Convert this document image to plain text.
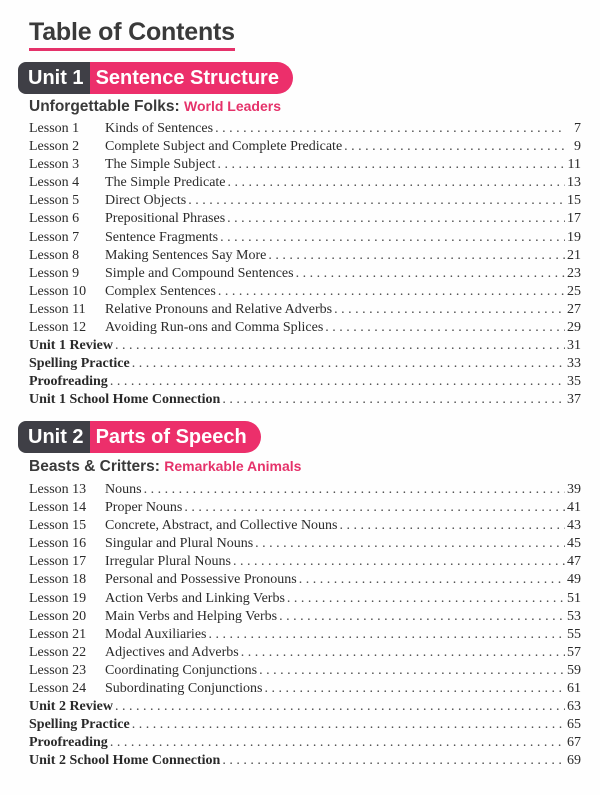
Table of Contents
Unit 1 Sentence Structure
Unforgettable Folks: World Leaders
Lesson 1	Kinds of Sentences . . .	7
Lesson 2	Complete Subject and Complete Predicate . . .	9
Lesson 3	The Simple Subject . . .	11
Lesson 4	The Simple Predicate . . .	13
Lesson 5	Direct Objects . . .	15
Lesson 6	Prepositional Phrases . . .	17
Lesson 7	Sentence Fragments . . .	19
Lesson 8	Making Sentences Say More . . .	21
Lesson 9	Simple and Compound Sentences . . .	23
Lesson 10	Complex Sentences . . .	25
Lesson 11	Relative Pronouns and Relative Adverbs . . .	27
Lesson 12	Avoiding Run-ons and Comma Splices . . .	29
Unit 1 Review . . .	31
Spelling Practice . . .	33
Proofreading . . .	35
Unit 1 School Home Connection . . .	37
Unit 2 Parts of Speech
Beasts & Critters: Remarkable Animals
Lesson 13	Nouns . . .	39
Lesson 14	Proper Nouns . . .	41
Lesson 15	Concrete, Abstract, and Collective Nouns . . .	43
Lesson 16	Singular and Plural Nouns . . .	45
Lesson 17	Irregular Plural Nouns . . .	47
Lesson 18	Personal and Possessive Pronouns . . .	49
Lesson 19	Action Verbs and Linking Verbs . . .	51
Lesson 20	Main Verbs and Helping Verbs . . .	53
Lesson 21	Modal Auxiliaries . . .	55
Lesson 22	Adjectives and Adverbs . . .	57
Lesson 23	Coordinating Conjunctions . . .	59
Lesson 24	Subordinating Conjunctions . . .	61
Unit 2 Review . . .	63
Spelling Practice . . .	65
Proofreading . . .	67
Unit 2 School Home Connection . . .	69
